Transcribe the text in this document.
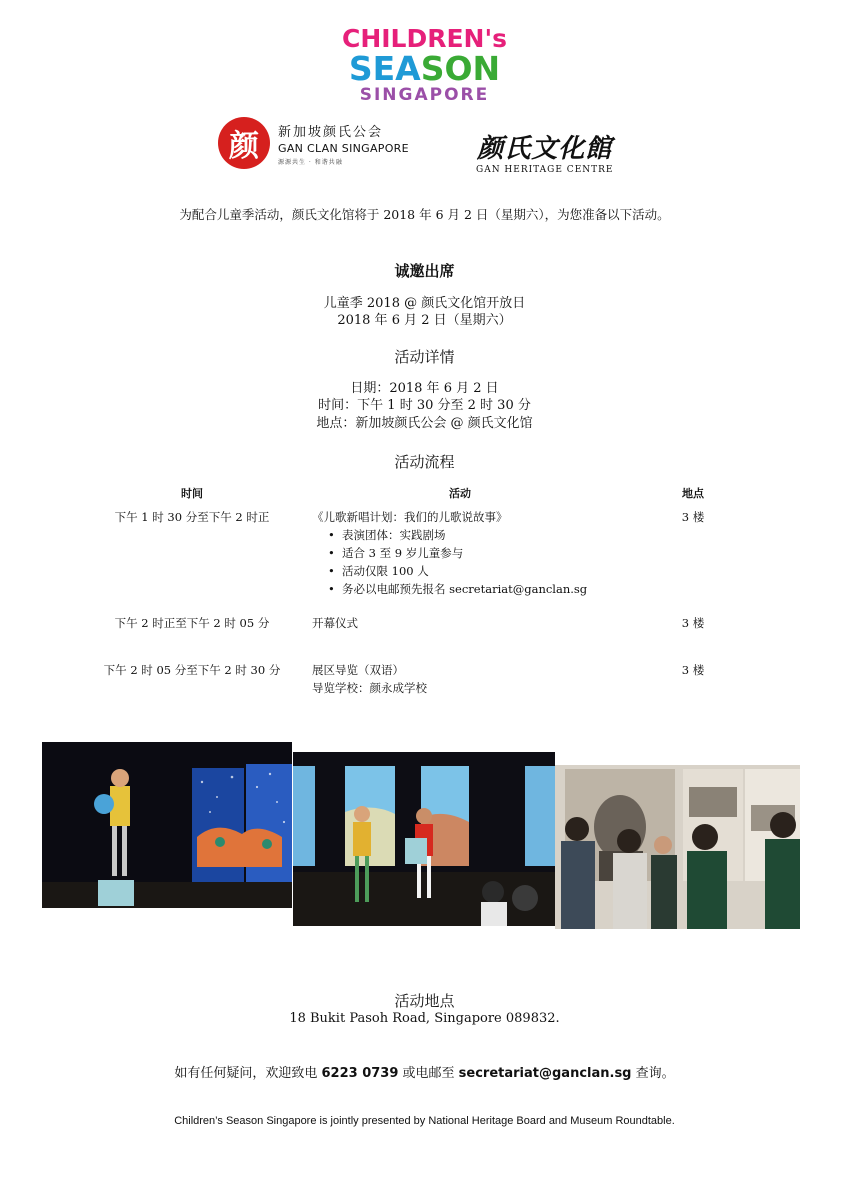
CHILDREN's
SEASON
SINGAPORE
颜	新加坡颜氏公会
GAN CLAN SINGAPORE
源源共生 · 和谐共融	颜氏文化館
GAN HERITAGE CENTRE
为配合儿童季活动，颜氏文化馆将于 2018 年 6 月 2 日（星期六），为您准备以下活动。
诚邀出席
儿童季 2018 @ 颜氏文化馆开放日
2018 年 6 月 2 日（星期六）
活动详情
日期：2018 年 6 月 2 日
时间：下午 1 时 30 分至 2 时 30 分
地点：新加坡颜氏公会 @ 颜氏文化馆
活动流程
时间	活动	地点
下午 1 时 30 分至下午 2 时正	《儿歌新唱计划：我们的儿歌说故事》
• 表演团体：实践剧场
• 适合 3 至 9 岁儿童参与
• 活动仅限 100 人
• 务必以电邮预先报名 secretariat@ganclan.sg
3 楼
下午 2 时正至下午 2 时 05 分	开幕仪式	3 楼
下午 2 时 05 分至下午 2 时 30 分	展区导览（双语）
导览学校：颜永成学校
3 楼
活动地点
18 Bukit Pasoh Road, Singapore 089832.
如有任何疑问，欢迎致电 6223 0739 或电邮至 secretariat@ganclan.sg 查询。
Children’s Season Singapore is jointly presented by National Heritage Board and Museum Roundtable.
